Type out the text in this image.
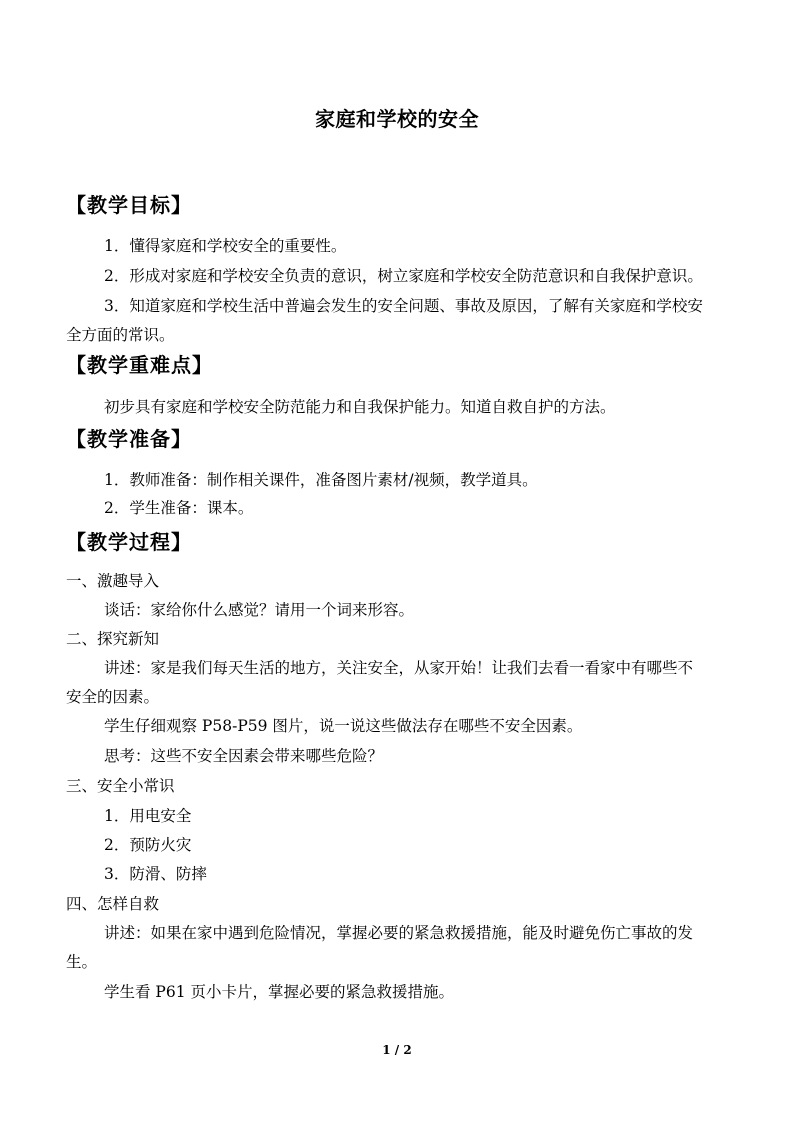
家庭和学校的安全
【教学目标】
1．懂得家庭和学校安全的重要性。
2．形成对家庭和学校安全负责的意识，树立家庭和学校安全防范意识和自我保护意识。
3．知道家庭和学校生活中普遍会发生的安全问题、事故及原因，了解有关家庭和学校安
全方面的常识。
【教学重难点】
初步具有家庭和学校安全防范能力和自我保护能力。知道自救自护的方法。
【教学准备】
1．教师准备：制作相关课件，准备图片素材/视频，教学道具。
2．学生准备：课本。
【教学过程】
一、激趣导入
谈话：家给你什么感觉？请用一个词来形容。
二、探究新知
讲述：家是我们每天生活的地方，关注安全，从家开始！让我们去看一看家中有哪些不
安全的因素。
学生仔细观察 P58-P59 图片，说一说这些做法存在哪些不安全因素。
思考：这些不安全因素会带来哪些危险？
三、安全小常识
1．用电安全
2．预防火灾
3．防滑、防摔
四、怎样自救
讲述：如果在家中遇到危险情况，掌握必要的紧急救援措施，能及时避免伤亡事故的发
生。
学生看 P61 页小卡片，掌握必要的紧急救援措施。
1 / 2
